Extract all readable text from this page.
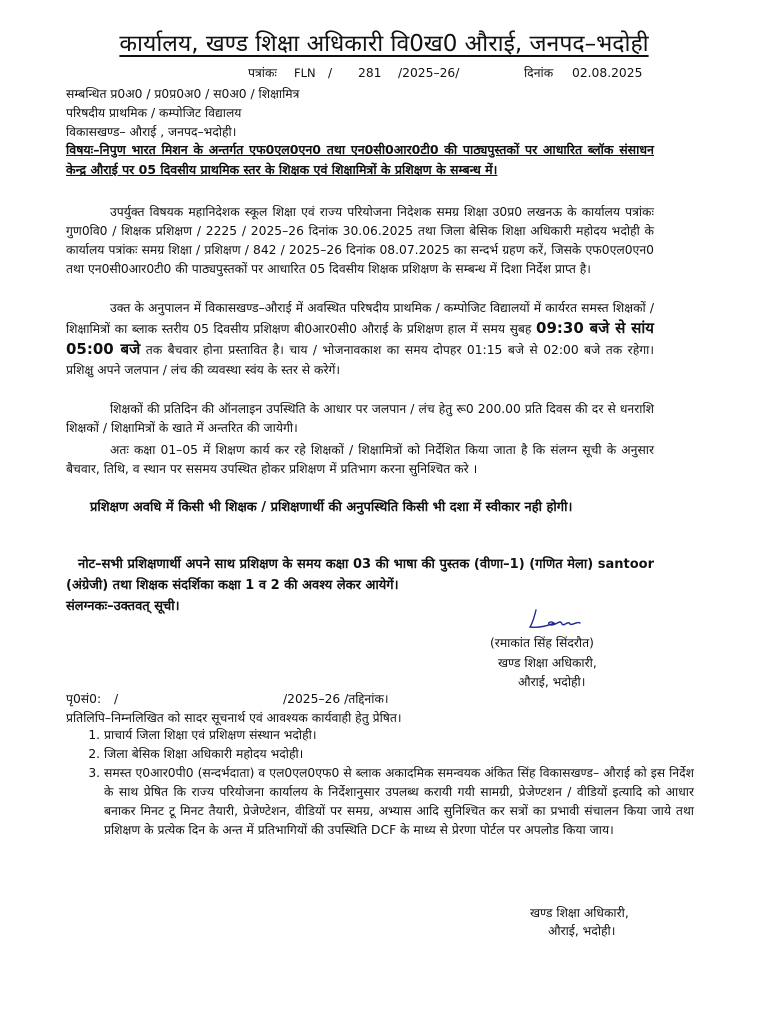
कार्यालय, खण्ड शिक्षा अधिकारी वि0ख0 औराई, जनपद–भदोही
पत्रांकः FLN / 281 /2025–26/	दिनांक 02.08.2025
सम्बन्धित प्र0अ0 / प्र0प्र0अ0 / स0अ0 / शिक्षामित्र
परिषदीय प्राथमिक / कम्पोजिट विद्यालय
विकासखण्ड– औराई , जनपद–भदोही।
विषयः–निपुण भारत मिशन के अन्तर्गत एफ0एल0एन0 तथा एन0सी0आर0टी0 की पाठ्यपुस्तकों पर आधारित ब्लॉक संसाधन केन्द्र औराई पर 05 दिवसीय प्राथमिक स्तर के शिक्षक एवं शिक्षामित्रों के प्रशिक्षण के सम्बन्ध में।
उपर्युक्त विषयक महानिदेशक स्कूल शिक्षा एवं राज्य परियोजना निदेशक समग्र शिक्षा उ0प्र0 लखनऊ के कार्यालय पत्रांकः गुण0वि0 / शिक्षक प्रशिक्षण / 2225 / 2025–26 दिनांक 30.06.2025 तथा जिला बेसिक शिक्षा अधिकारी महोदय भदोही के कार्यालय पत्रांकः समग्र शिक्षा / प्रशिक्षण / 842 / 2025–26 दिनांक 08.07.2025 का सन्दर्भ ग्रहण करें, जिसके एफ0एल0एन0 तथा एन0सी0आर0टी0 की पाठ्यपुस्तकों पर आधारित 05 दिवसीय शिक्षक प्रशिक्षण के सम्बन्ध में दिशा निर्देश प्राप्त है।
उक्त के अनुपालन में विकासखण्ड–औराई में अवस्थित परिषदीय प्राथमिक / कम्पोजिट विद्यालयों में कार्यरत समस्त शिक्षकों / शिक्षामित्रों का ब्लाक स्तरीय 05 दिवसीय प्रशिक्षण बी0आर0सी0 औराई के प्रशिक्षण हाल में समय सुबह 09:30 बजे से सांय 05:00 बजे तक बैचवार होना प्रस्तावित है। चाय / भोजनावकाश का समय दोपहर 01:15 बजे से 02:00 बजे तक रहेगा। प्रशिक्षु अपने जलपान / लंच की व्यवस्था स्वंय के स्तर से करेगें।
शिक्षकों की प्रतिदिन की ऑनलाइन उपस्थिति के आधार पर जलपान / लंच हेतु रू0 200.00 प्रति दिवस की दर से धनराशि शिक्षकों / शिक्षामित्रों के खाते में अन्तरित की जायेगी।
अतः कक्षा 01–05 में शिक्षण कार्य कर रहे शिक्षकों / शिक्षामित्रों को निर्देशित किया जाता है कि संलग्न सूची के अनुसार बैचवार, तिथि, व स्थान पर ससमय उपस्थित होकर प्रशिक्षण में प्रतिभाग करना सुनिश्चित करे ।
प्रशिक्षण अवधि में किसी भी शिक्षक / प्रशिक्षणार्थी की अनुपस्थिति किसी भी दशा में स्वीकार नही होगी।
नोट–सभी प्रशिक्षणार्थी अपने साथ प्रशिक्षण के समय कक्षा 03 की भाषा की पुस्तक (वीणा–1) (गणित मेला) santoor (अंग्रेजी) तथा शिक्षक संदर्शिका कक्षा 1 व 2 की अवश्य लेकर आयेगें।
संलग्नकः–उक्तवत् सूची।
(रमाकांत सिंह सिंदरौत)
खण्ड शिक्षा अधिकारी,
औराई, भदोही।
पृ0सं0: /	/2025–26 /तद्दिनांक।
प्रतिलिपि–निम्नलिखित को सादर सूचनार्थ एवं आवश्यक कार्यवाही हेतु प्रेषित।
1. प्राचार्य जिला शिक्षा एवं प्रशिक्षण संस्थान भदोही।
2. जिला बेसिक शिक्षा अधिकारी महोदय भदोही।
3. समस्त ए0आर0पी0 (सन्दर्भदाता) व एल0एल0एफ0 से ब्लाक अकादमिक समन्वयक अंकित सिंह विकासखण्ड– औराई को इस निर्देश के साथ प्रेषित कि राज्य परियोजना कार्यालय के निर्देशानुसार उपलब्ध करायी गयी सामग्री, प्रेजेण्टशन / वीडियों इत्यादि को आधार बनाकर मिनट टू मिनट तैयारी, प्रेजेण्टेशन, वीडियों पर समग्र, अभ्यास आदि सुनिश्चित कर सत्रों का प्रभावी संचालन किया जाये तथा प्रशिक्षण के प्रत्येक दिन के अन्त में प्रतिभागियों की उपस्थिति DCF के माध्य से प्रेरणा पोर्टल पर अपलोड किया जाय।
खण्ड शिक्षा अधिकारी,
औराई, भदोही।
